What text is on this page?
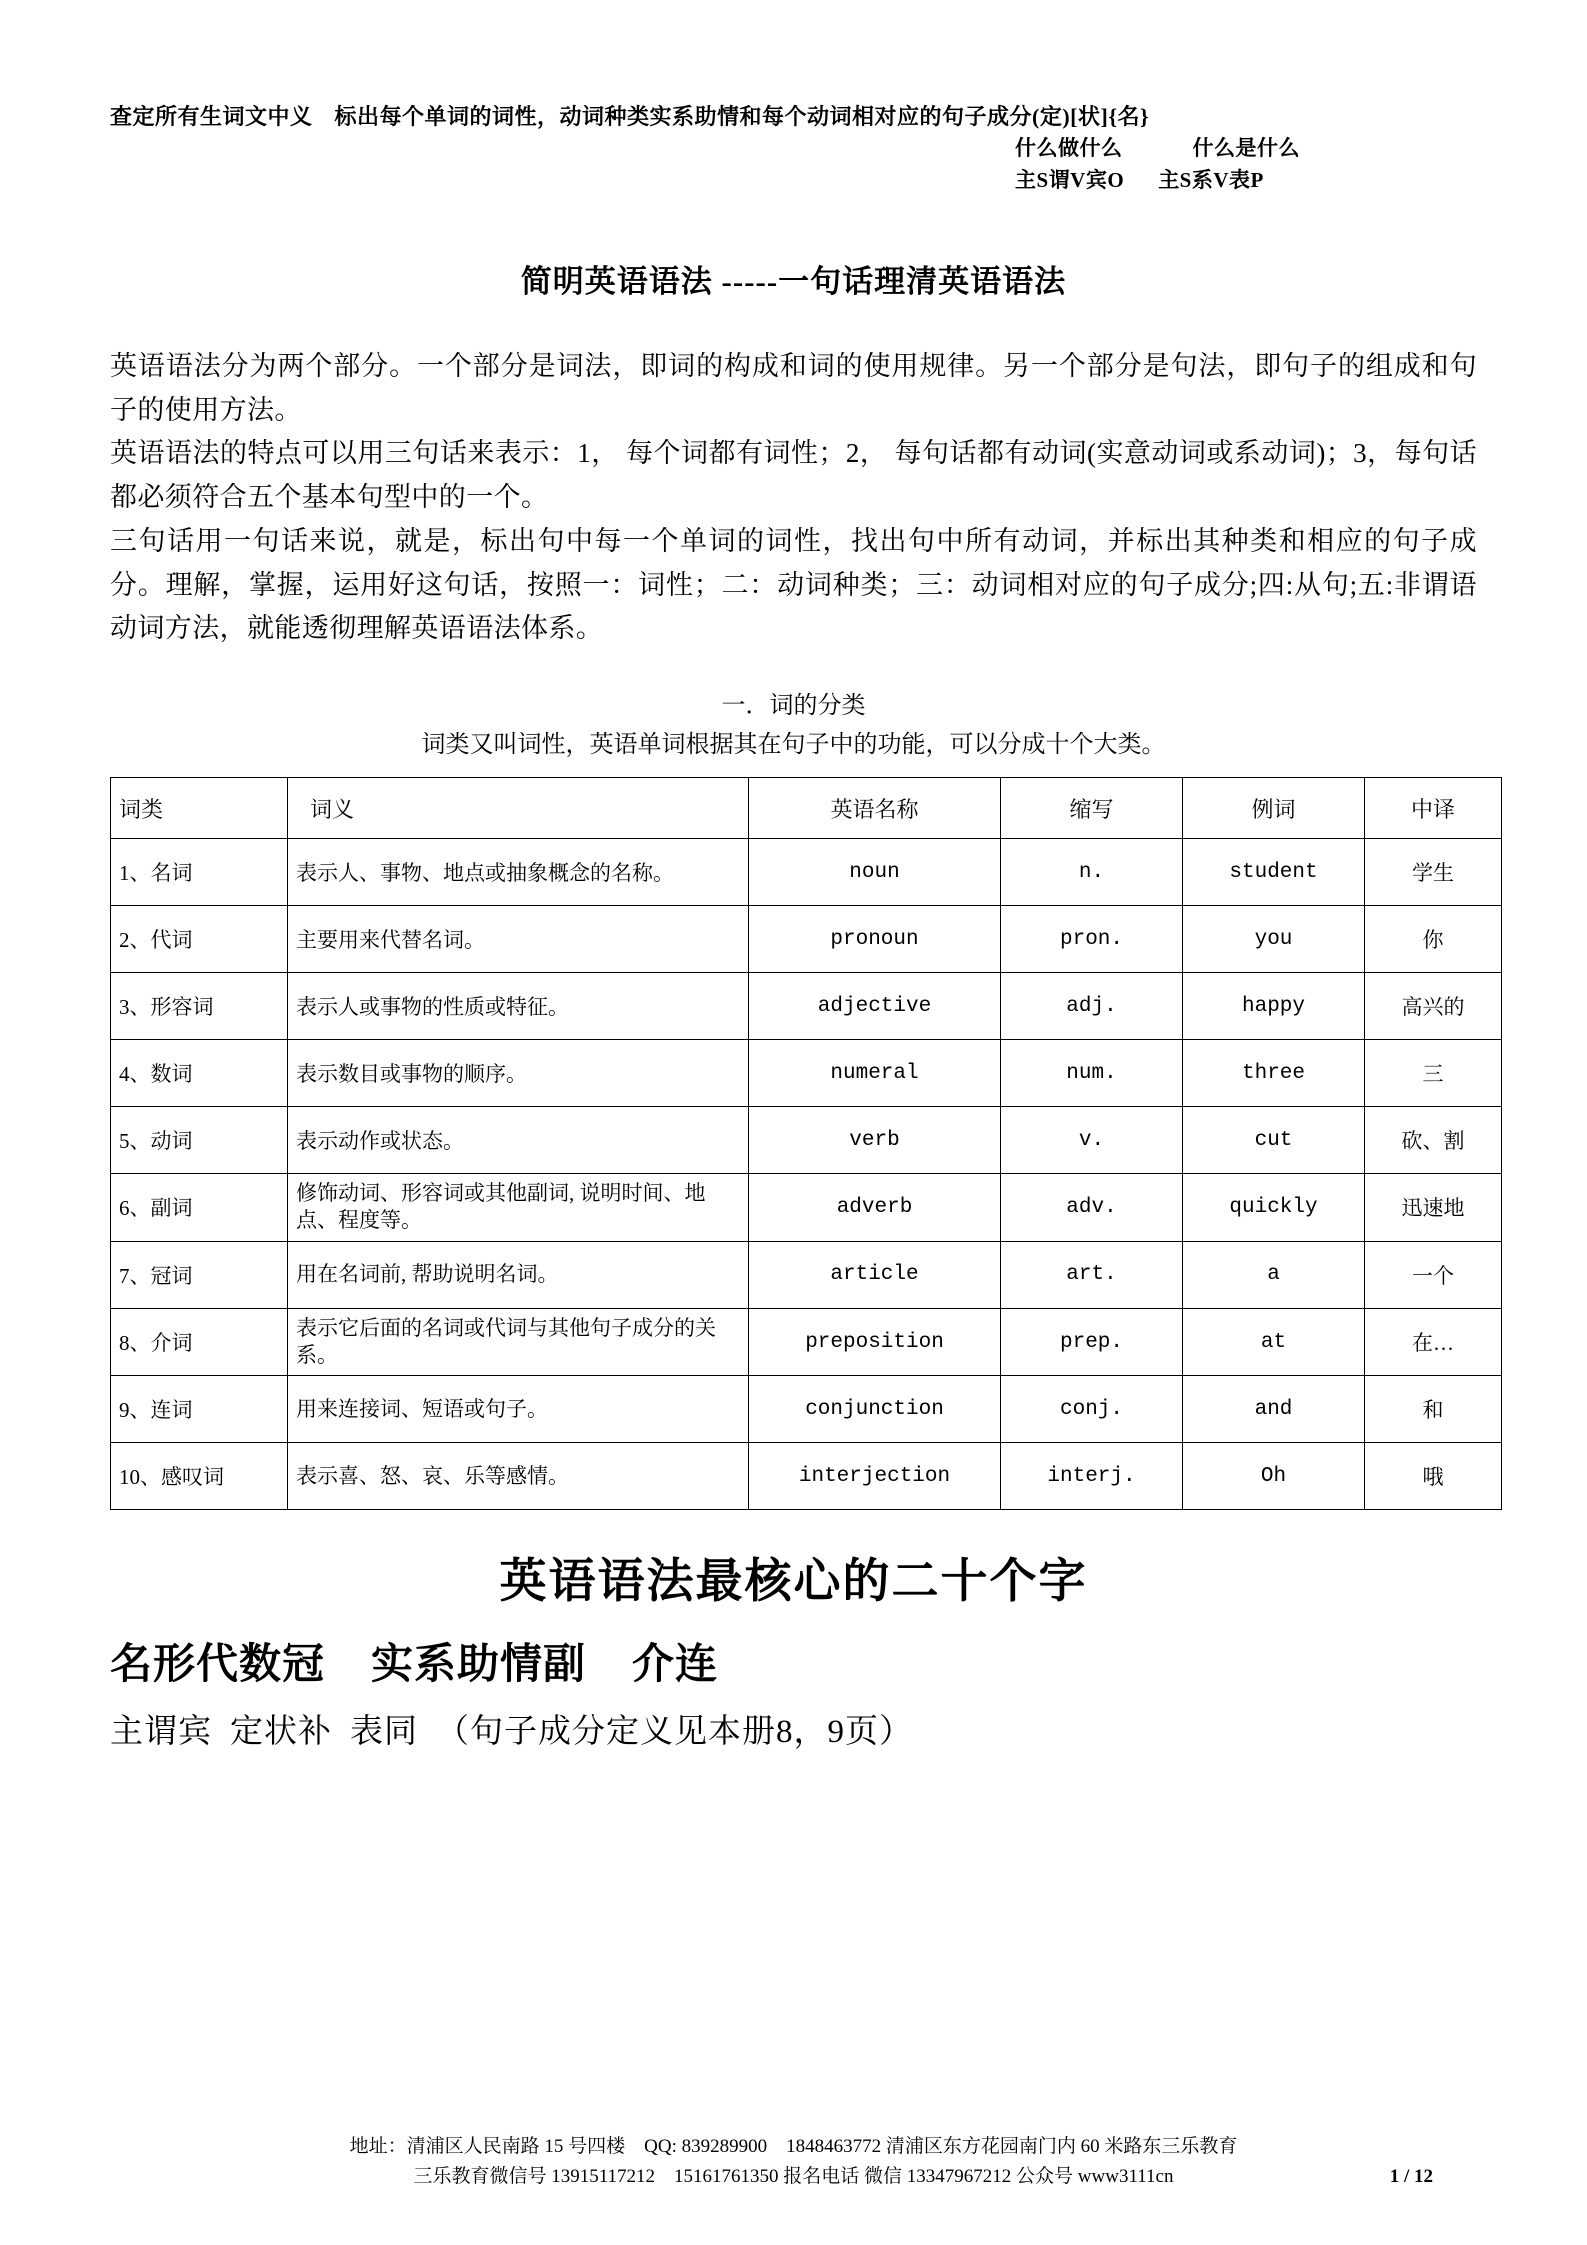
查定所有生词文中义 标出每个单词的词性，动词种类实系助情和每个动词相对应的句子成分(定)[状]{名}
什么做什么	什么是什么
主S谓V宾O 主S系V表P
简明英语语法 -----一句话理清英语语法

英语语法分为两个部分。一个部分是词法，即词的构成和词的使用规律。另一个部分是句法，即句子的组成和句子的使用方法。

英语语法的特点可以用三句话来表示：1， 每个词都有词性；2， 每句话都有动词(实意动词或系动词)；3，每句话都必须符合五个基本句型中的一个。

三句话用一句话来说，就是，标出句中每一个单词的词性，找出句中所有动词，并标出其种类和相应的句子成分。理解，掌握，运用好这句话，按照一：词性；二：动词种类；三：动词相对应的句子成分;四:从句;五:非谓语动词方法，就能透彻理解英语语法体系。

一．词的分类
词类又叫词性，英语单词根据其在句子中的功能，可以分成十个大类。
词类	词义	英语名称	缩写	例词	中译
1、名词	表示人、事物、地点或抽象概念的名称。	noun	n.	student	学生
2、代词	主要用来代替名词。	pronoun	pron.	you	你
3、形容词	表示人或事物的性质或特征。	adjective	adj.	happy	高兴的
4、数词	表示数目或事物的顺序。	numeral	num.	three	三
5、动词	表示动作或状态。	verb	v.	cut	砍、割
6、副词	修饰动词、形容词或其他副词, 说明时间、地点、程度等。	adverb	adv.	quickly	迅速地
7、冠词	用在名词前, 帮助说明名词。	article	art.	a	一个
8、介词	表示它后面的名词或代词与其他句子成分的关系。	preposition	prep.	at	在…
9、连词	用来连接词、短语或句子。	conjunction	conj.	and	和
10、感叹词	表示喜、怒、哀、乐等感情。	interjection	interj.	Oh	哦
英语语法最核心的二十个字
名形代数冠 实系助情副 介连
主谓宾 定状补 表同 （句子成分定义见本册8，9页）
地址：清浦区人民南路 15 号四楼　QQ: 839289900　1848463772 清浦区东方花园南门内 60 米路东三乐教育
三乐教育微信号 13915117212　15161761350 报名电话 微信 13347967212 公众号 www3111cn	1 / 12
